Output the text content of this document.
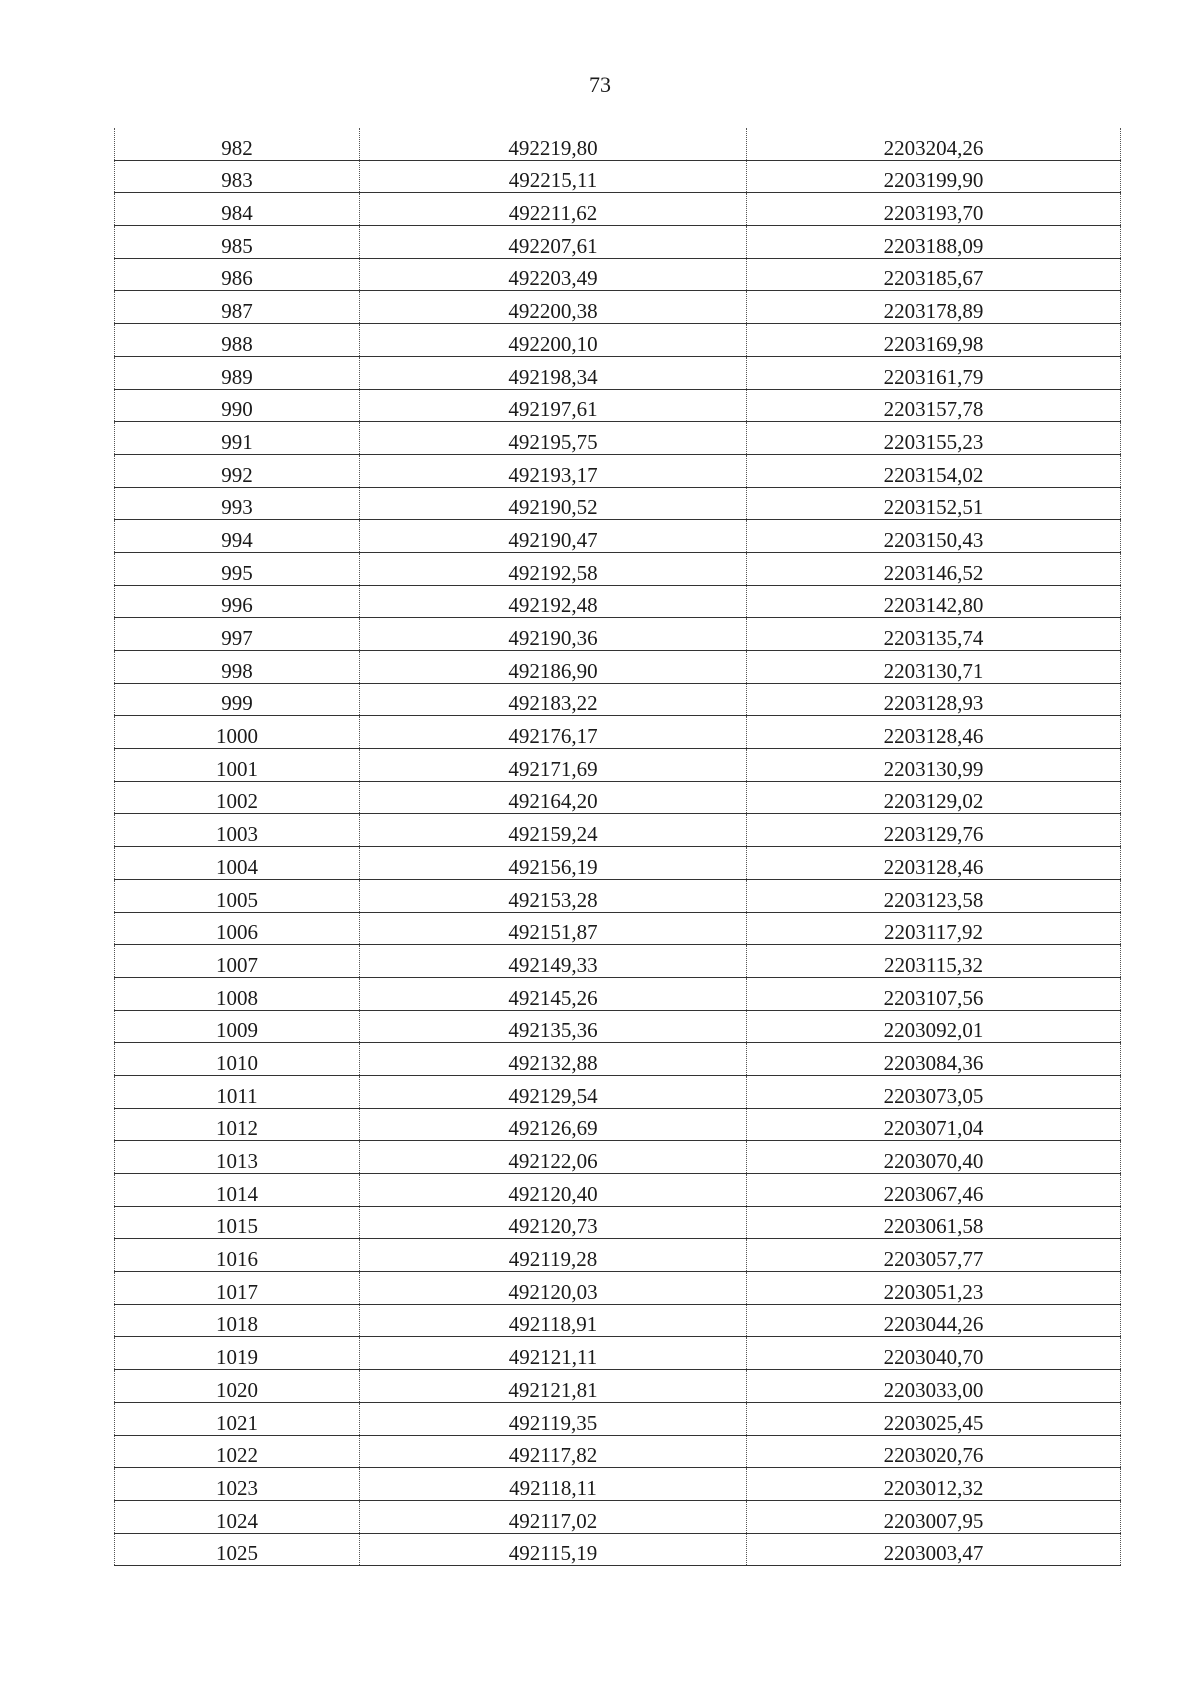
73
982	492219,80	2203204,26
983	492215,11	2203199,90
984	492211,62	2203193,70
985	492207,61	2203188,09
986	492203,49	2203185,67
987	492200,38	2203178,89
988	492200,10	2203169,98
989	492198,34	2203161,79
990	492197,61	2203157,78
991	492195,75	2203155,23
992	492193,17	2203154,02
993	492190,52	2203152,51
994	492190,47	2203150,43
995	492192,58	2203146,52
996	492192,48	2203142,80
997	492190,36	2203135,74
998	492186,90	2203130,71
999	492183,22	2203128,93
1000	492176,17	2203128,46
1001	492171,69	2203130,99
1002	492164,20	2203129,02
1003	492159,24	2203129,76
1004	492156,19	2203128,46
1005	492153,28	2203123,58
1006	492151,87	2203117,92
1007	492149,33	2203115,32
1008	492145,26	2203107,56
1009	492135,36	2203092,01
1010	492132,88	2203084,36
1011	492129,54	2203073,05
1012	492126,69	2203071,04
1013	492122,06	2203070,40
1014	492120,40	2203067,46
1015	492120,73	2203061,58
1016	492119,28	2203057,77
1017	492120,03	2203051,23
1018	492118,91	2203044,26
1019	492121,11	2203040,70
1020	492121,81	2203033,00
1021	492119,35	2203025,45
1022	492117,82	2203020,76
1023	492118,11	2203012,32
1024	492117,02	2203007,95
1025	492115,19	2203003,47
